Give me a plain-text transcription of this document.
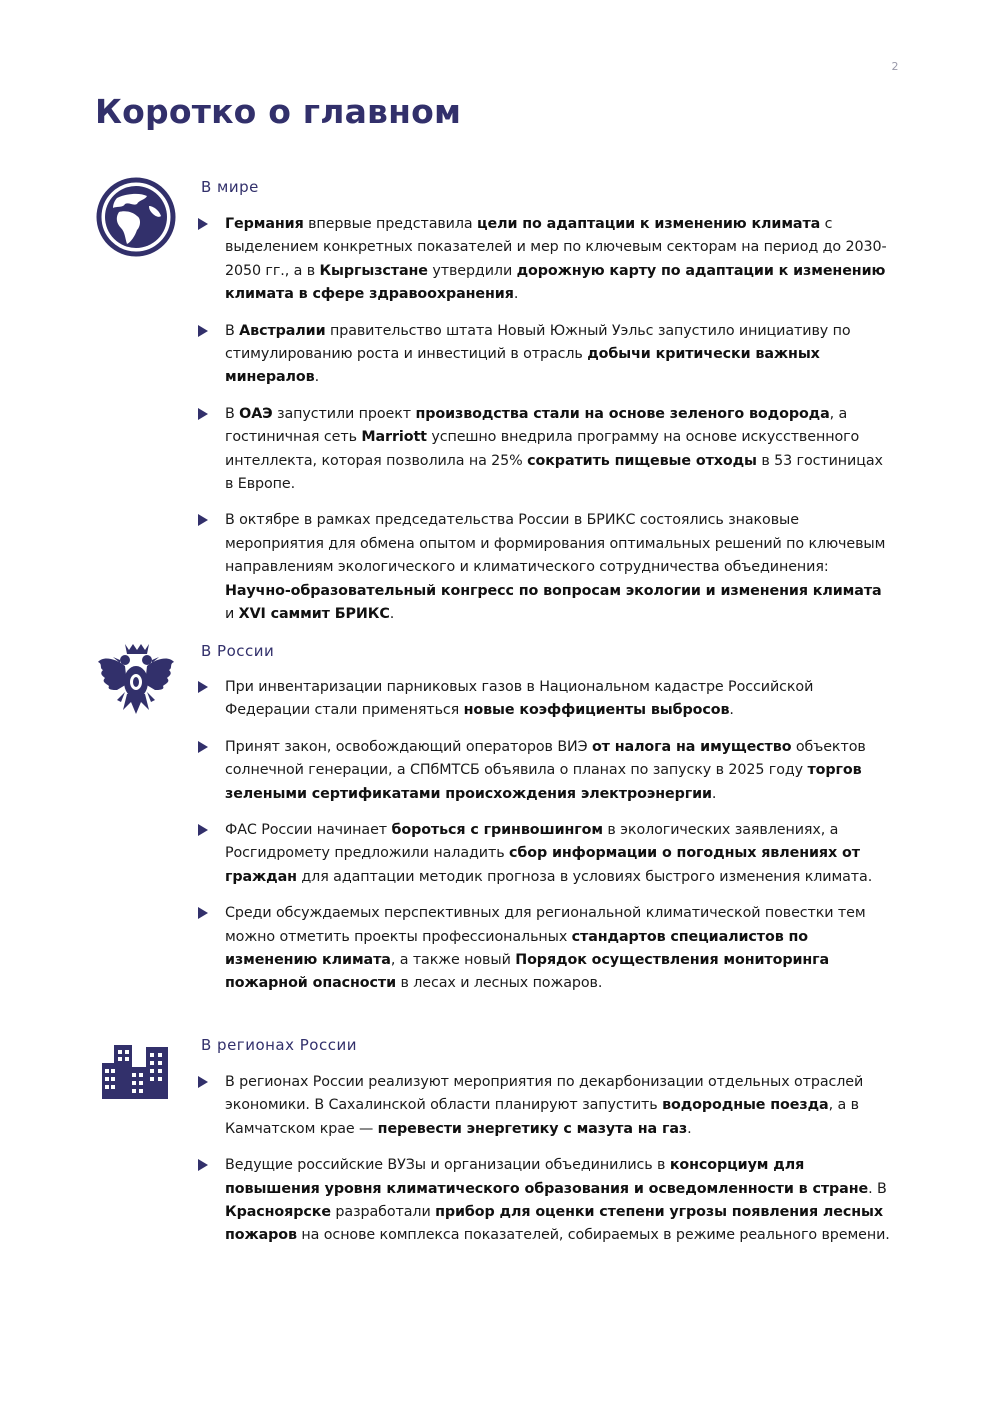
2
Коротко о главном
В мире
Германия впервые представила цели по адаптации к изменению климата с выделением конкретных показателей и мер по ключевым секторам на период до 2030-2050 гг., а в Кыргызстане утвердили дорожную карту по адаптации к изменению климата в сфере здравоохранения.
В Австралии правительство штата Новый Южный Уэльс запустило инициативу по стимулированию роста и инвестиций в отрасль добычи критически важных минералов.
В ОАЭ запустили проект производства стали на основе зеленого водорода, а гостиничная сеть Marriott успешно внедрила программу на основе искусственного интеллекта, которая позволила на 25% сократить пищевые отходы в 53 гостиницах в Европе.
В октябре в рамках председательства России в БРИКС состоялись знаковые мероприятия для обмена опытом и формирования оптимальных решений по ключевым направлениям экологического и климатического сотрудничества объединения: Научно-образовательный конгресс по вопросам экологии и изменения климата и XVI саммит БРИКС.
В России
При инвентаризации парниковых газов в Национальном кадастре Российской Федерации стали применяться новые коэффициенты выбросов.
Принят закон, освобождающий операторов ВИЭ от налога на имущество объектов солнечной генерации, а СПбМТСБ объявила о планах по запуску в 2025 году торгов зелеными сертификатами происхождения электроэнергии.
ФАС России начинает бороться с гринвошингом в экологических заявлениях, а Росгидромету предложили наладить сбор информации о погодных явлениях от граждан для адаптации методик прогноза в условиях быстрого изменения климата.
Среди обсуждаемых перспективных для региональной климатической повестки тем можно отметить проекты профессиональных стандартов специалистов по изменению климата, а также новый Порядок осуществления мониторинга пожарной опасности в лесах и лесных пожаров.
В регионах России
В регионах России реализуют мероприятия по декарбонизации отдельных отраслей экономики. В Сахалинской области планируют запустить водородные поезда, а в Камчатском крае — перевести энергетику с мазута на газ.
Ведущие российские ВУЗы и организации объединились в консорциум для повышения уровня климатического образования и осведомленности в стране. В Красноярске разработали прибор для оценки степени угрозы появления лесных пожаров на основе комплекса показателей, собираемых в режиме реального времени.
